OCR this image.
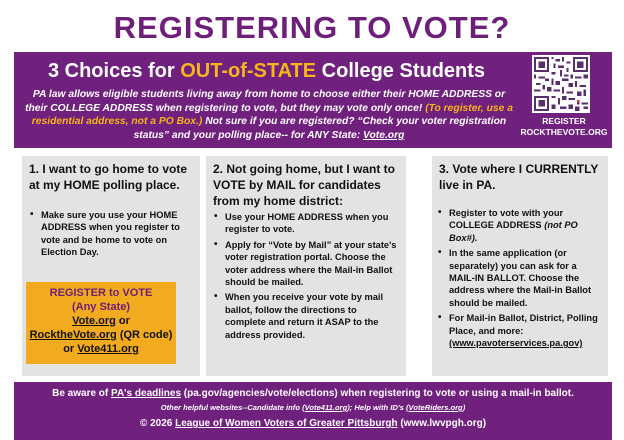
REGISTERING TO VOTE?
3 Choices for OUT-of-STATE College Students
PA law allows eligible students living away from home to choose either their HOME ADDRESS or their COLLEGE ADDRESS when registering to vote, but they may vote only once! (To register, use a residential address, not a PO Box.) Not sure if you are registered? “Check your voter registration status” and your polling place-- for ANY State: Vote.org
REGISTER
ROCKTHEVOTE.ORG
1. I want to go home to vote at my HOME polling place.
• Make sure you use your HOME ADDRESS when you register to vote and be home to vote on Election Day.
REGISTER to VOTE
(Any State)
Vote.org or
RocktheVote.org (QR code)
or Vote411.org
2. Not going home, but I want to VOTE by MAIL for candidates from my home district:
• Use your HOME ADDRESS when you register to vote.
• Apply for “Vote by Mail” at your state's voter registration portal. Choose the voter address where the Mail-in Ballot should be mailed.
• When you receive your vote by mail ballot, follow the directions to complete and return it ASAP to the address provided.
3. Vote where I CURRENTLY live in PA.
• Register to vote with your COLLEGE ADDRESS (not PO Box#).
• In the same application (or separately) you can ask for a MAIL-IN BALLOT. Choose the address where the Mail-in Ballot should be mailed.
• For Mail-in Ballot, District, Polling Place, and more: (www.pavoterservices.pa.gov)
Be aware of PA's deadlines (pa.gov/agencies/vote/elections) when registering to vote or using a mail-in ballot.
Other helpful websites--Candidate info (Vote411.org); Help with ID's (VoteRiders.org)
© 2026 League of Women Voters of Greater Pittsburgh (www.lwvpgh.org)
